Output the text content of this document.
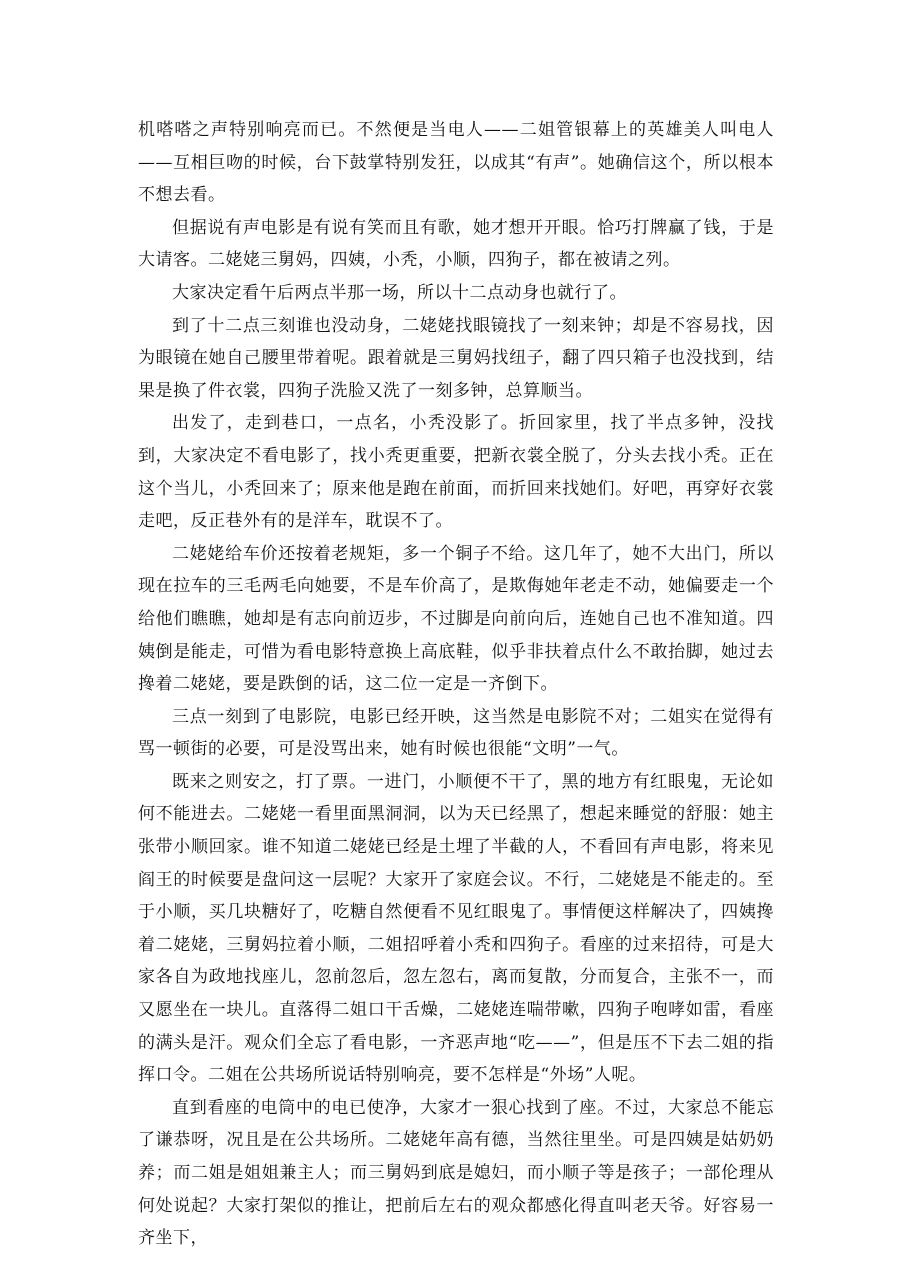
机嗒嗒之声特别响亮而已。不然便是当电人——二姐管银幕上的英雄美人叫电人——互相巨吻的时候，台下鼓掌特别发狂，以成其“有声”。她确信这个，所以根本不想去看。

但据说有声电影是有说有笑而且有歌，她才想开开眼。恰巧打牌赢了钱，于是大请客。二姥姥三舅妈，四姨，小秃，小顺，四狗子，都在被请之列。

大家决定看午后两点半那一场，所以十二点动身也就行了。

到了十二点三刻谁也没动身，二姥姥找眼镜找了一刻来钟；却是不容易找，因为眼镜在她自己腰里带着呢。跟着就是三舅妈找纽子，翻了四只箱子也没找到，结果是换了件衣裳，四狗子洗脸又洗了一刻多钟，总算顺当。

出发了，走到巷口，一点名，小秃没影了。折回家里，找了半点多钟，没找到，大家决定不看电影了，找小秃更重要，把新衣裳全脱了，分头去找小秃。正在这个当儿，小秃回来了；原来他是跑在前面，而折回来找她们。好吧，再穿好衣裳走吧，反正巷外有的是洋车，耽误不了。

二姥姥给车价还按着老规矩，多一个铜子不给。这几年了，她不大出门，所以现在拉车的三毛两毛向她要，不是车价高了，是欺侮她年老走不动，她偏要走一个给他们瞧瞧，她却是有志向前迈步，不过脚是向前向后，连她自己也不准知道。四姨倒是能走，可惜为看电影特意换上高底鞋，似乎非扶着点什么不敢抬脚，她过去搀着二姥姥，要是跌倒的话，这二位一定是一齐倒下。

三点一刻到了电影院，电影已经开映，这当然是电影院不对；二姐实在觉得有骂一顿街的必要，可是没骂出来，她有时候也很能“文明”一气。

既来之则安之，打了票。一进门，小顺便不干了，黑的地方有红眼鬼，无论如何不能进去。二姥姥一看里面黑洞洞，以为天已经黑了，想起来睡觉的舒服：她主张带小顺回家。谁不知道二姥姥已经是土埋了半截的人，不看回有声电影，将来见阎王的时候要是盘问这一层呢？大家开了家庭会议。不行，二姥姥是不能走的。至于小顺，买几块糖好了，吃糖自然便看不见红眼鬼了。事情便这样解决了，四姨搀着二姥姥，三舅妈拉着小顺，二姐招呼着小秃和四狗子。看座的过来招待，可是大家各自为政地找座儿，忽前忽后，忽左忽右，离而复散，分而复合，主张不一，而又愿坐在一块儿。直落得二姐口干舌燥，二姥姥连喘带嗽，四狗子咆哮如雷，看座的满头是汗。观众们全忘了看电影，一齐恶声地“吃——”，但是压不下去二姐的指挥口令。二姐在公共场所说话特别响亮，要不怎样是“外场”人呢。

直到看座的电筒中的电已使净，大家才一狠心找到了座。不过，大家总不能忘了谦恭呀，况且是在公共场所。二姥姥年高有德，当然往里坐。可是四姨是姑奶奶养；而二姐是姐姐兼主人；而三舅妈到底是媳妇，而小顺子等是孩子；一部伦理从何处说起？大家打架似的推让，把前后左右的观众都感化得直叫老天爷。好容易一齐坐下，
